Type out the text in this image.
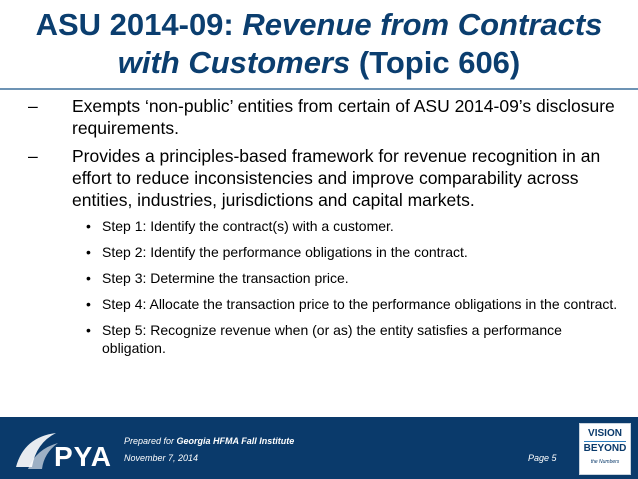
ASU 2014-09: Revenue from Contracts
with Customers (Topic 606)
– Exempts ‘non-public’ entities from certain of ASU 2014-09’s disclosure requirements.
– Provides a principles-based framework for revenue recognition in an effort to reduce inconsistencies and improve comparability across entities, industries, jurisdictions and capital markets.
• Step 1: Identify the contract(s) with a customer.
• Step 2: Identify the performance obligations in the contract.
• Step 3: Determine the transaction price.
• Step 4: Allocate the transaction price to the performance obligations in the contract.
• Step 5: Recognize revenue when (or as) the entity satisfies a performance obligation.
PYA Prepared for Georgia HFMA Fall Institute
November 7, 2014	Page 5
VISION
BEYOND
the Numbers
